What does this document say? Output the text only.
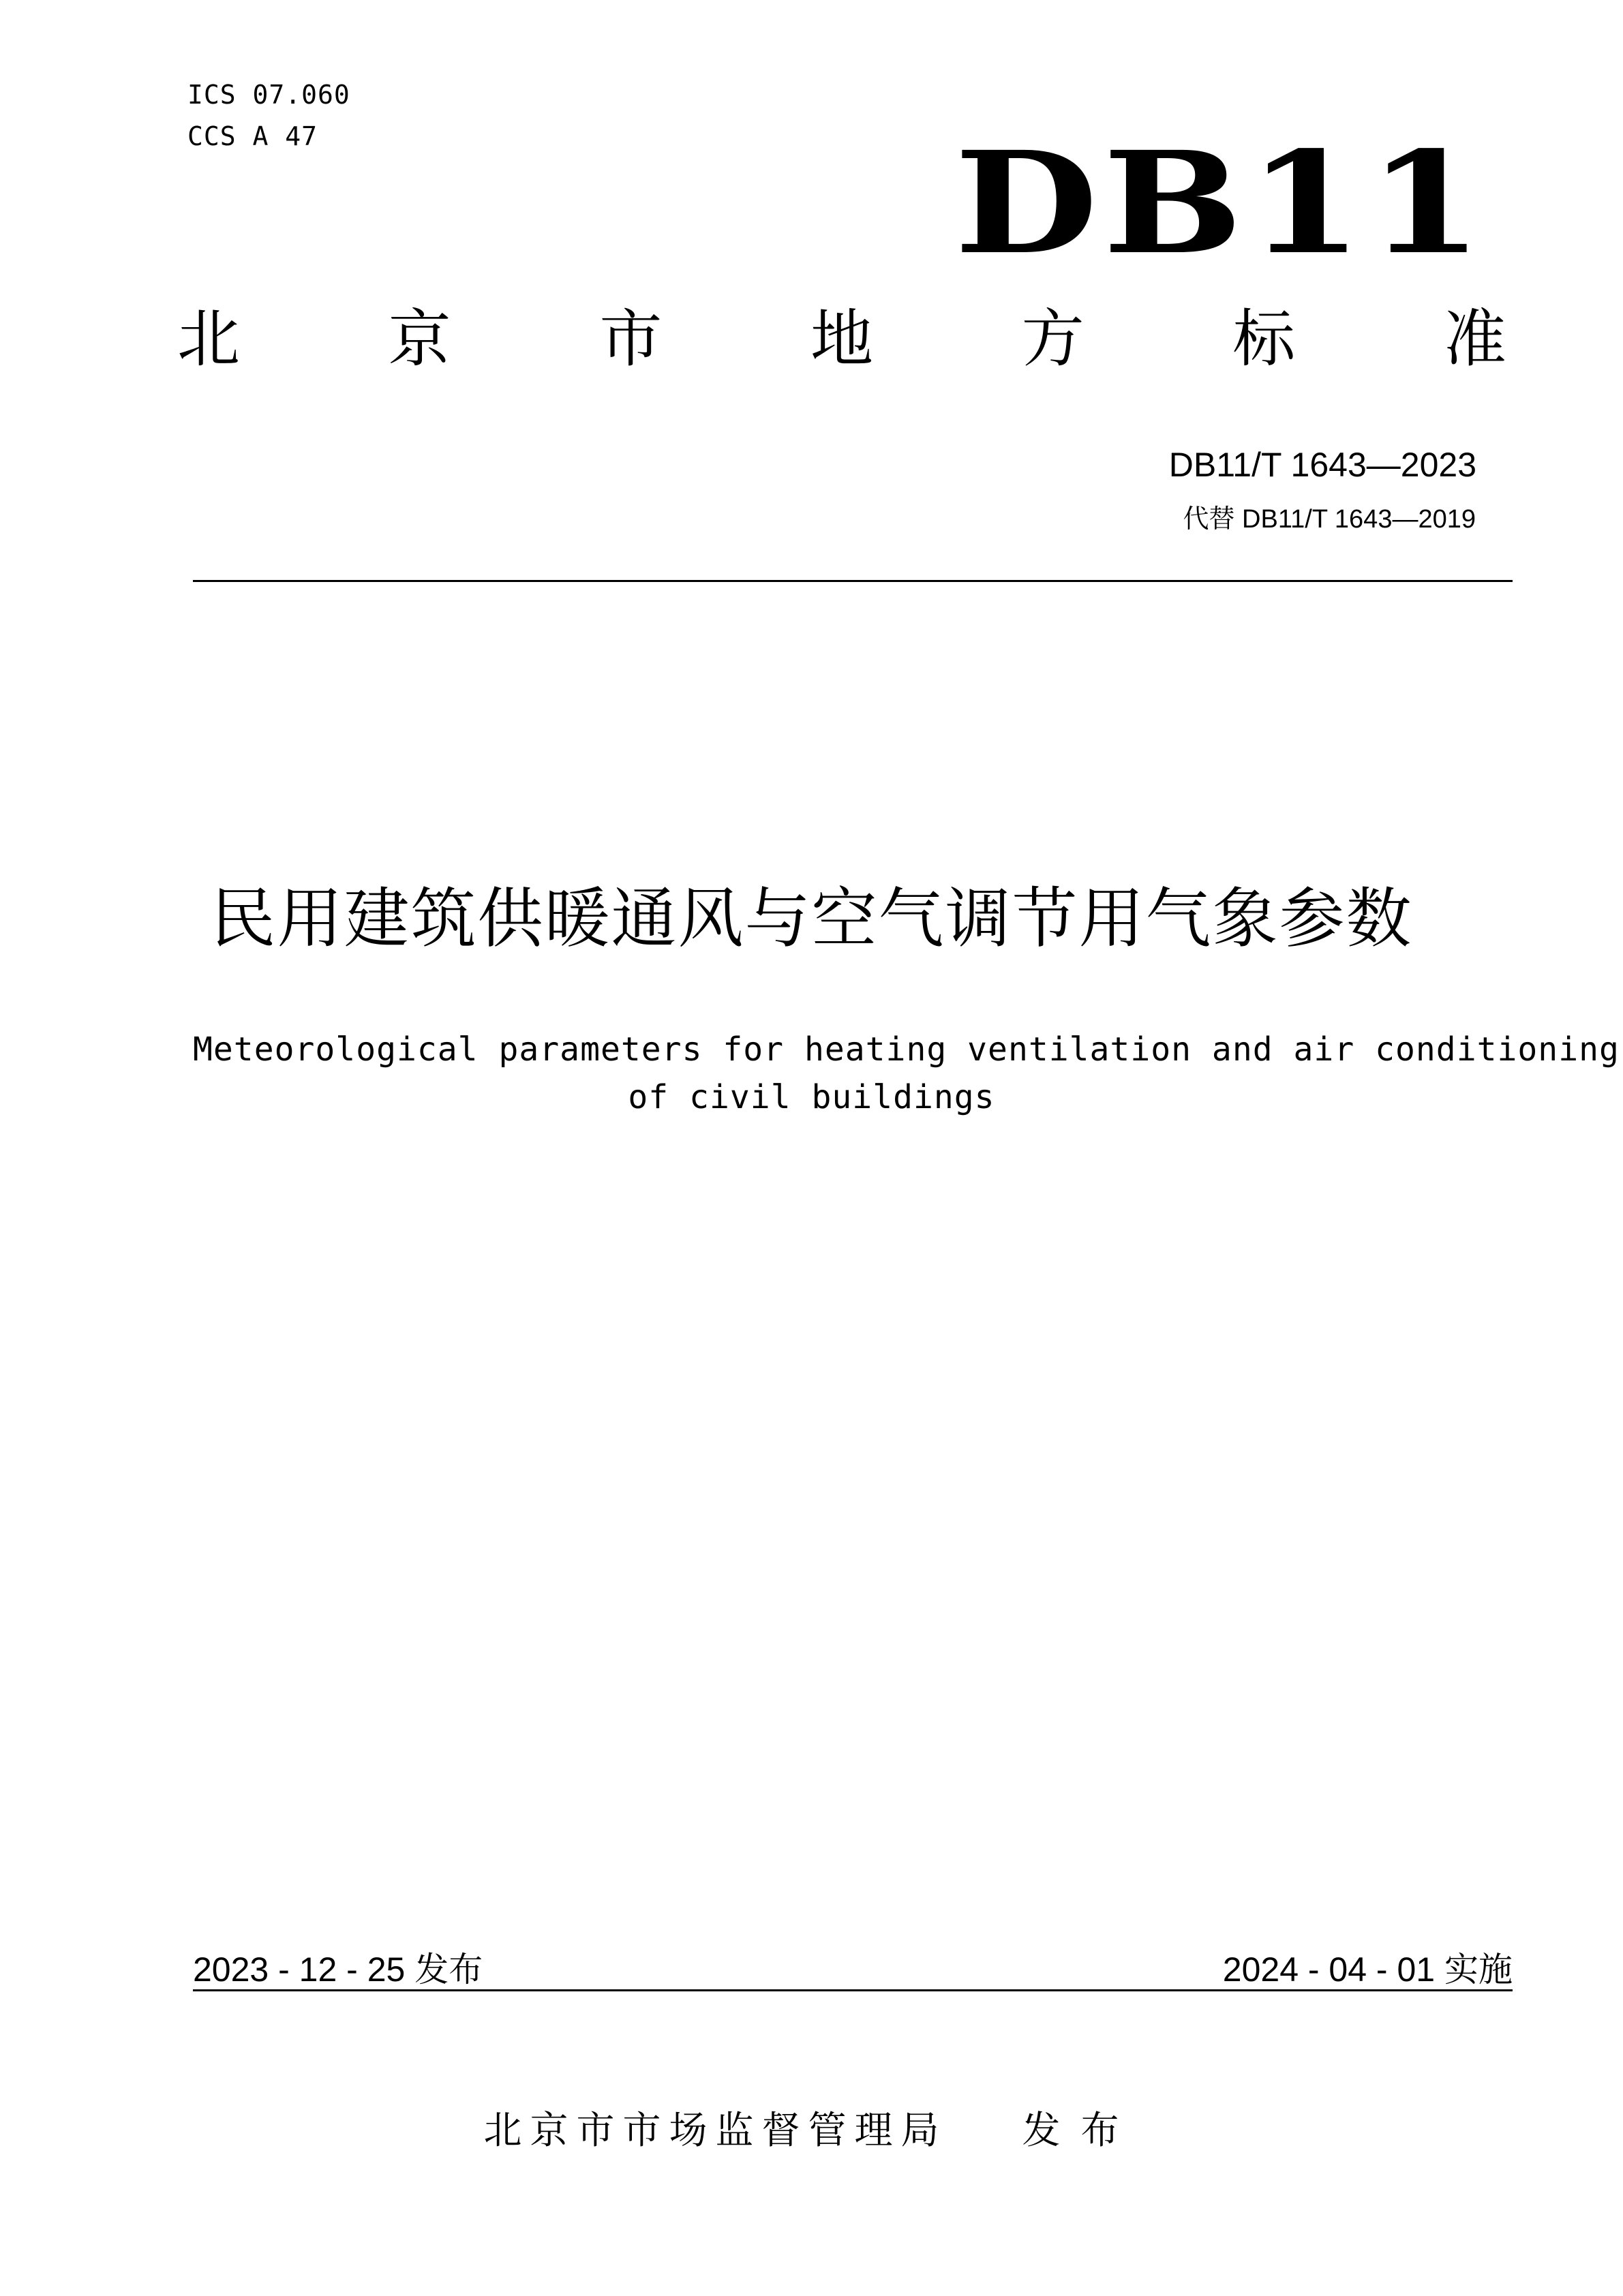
ICS 07.060
CCS A 47	DB11
北 京 市 地 方 标 准
DB11/T 1643—2023
代替 DB11/T 1643—2019
民用建筑供暖通风与空气调节用气象参数
Meteorological parameters for heating ventilation and air conditioning
of civil buildings
2023 - 12 - 25 发布	2024 - 04 - 01 实施
北京市市场监督管理局 发布
